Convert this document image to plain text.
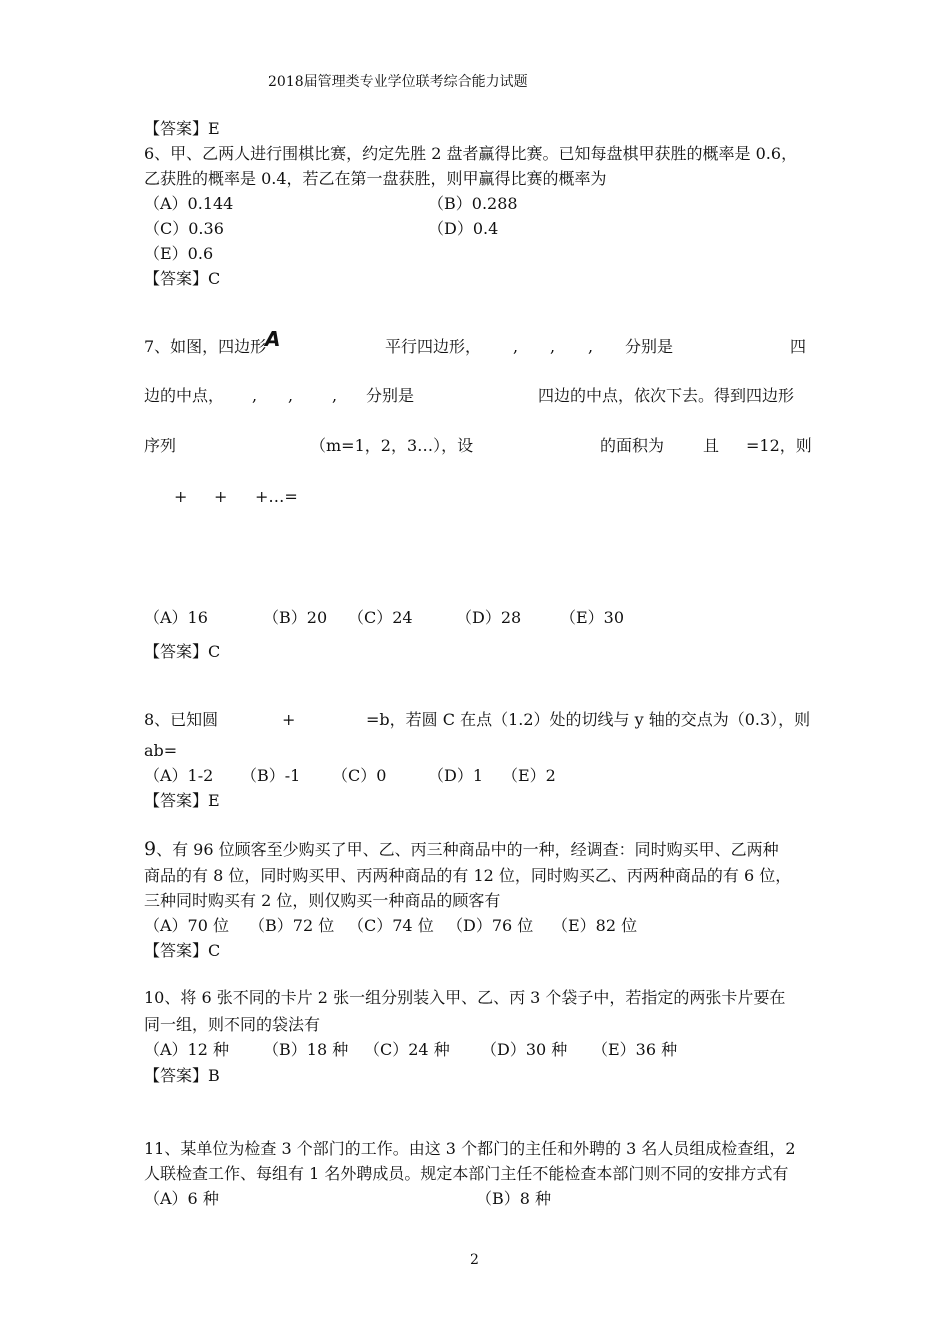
2018届管理类专业学位联考综合能力试题
【答案】E
6、甲、乙两人进行围棋比赛，约定先胜 2 盘者赢得比赛。已知每盘棋甲获胜的概率是 0.6，
乙获胜的概率是 0.4，若乙在第一盘获胜，则甲赢得比赛的概率为
（A）0.144	（B）0.288
（C）0.36	（D）0.4
（E）0.6
【答案】C
7、如图，四边形
A	平行四边形， , , , 分别是	四
边的中点， , , , 分别是	四边的中点，依次下去。得到四边形
序列	（m=1，2，3…），设	的面积为 且 =12，则
+ + +…=
（A）16	（B）20 （C）24	（D）28 （E）30
【答案】C
8、已知圆	+	=b，若圆 C 在点（1.2）处的切线与 y 轴的交点为（0.3），则
ab=
（A）1-2 （B）-1 （C）0	（D）1 （E）2
【答案】E
9、有 96 位顾客至少购买了甲、乙、丙三种商品中的一种，经调查：同时购买甲、乙两种
商品的有 8 位，同时购买甲、丙两种商品的有 12 位，同时购买乙、丙两种商品的有 6 位，
三种同时购买有 2 位，则仅购买一种商品的顾客有
（A）70 位 （B）72 位 （C）74 位 （D）76 位 （E）82 位
【答案】C
10、将 6 张不同的卡片 2 张一组分别装入甲、乙、丙 3 个袋子中，若指定的两张卡片要在
同一组，则不同的袋法有
（A）12 种 （B）18 种 （C）24 种 （D）30 种 （E）36 种
【答案】B
11、某单位为检查 3 个部门的工作。由这 3 个都门的主任和外聘的 3 名人员组成检查组，2
人联检查工作、每组有 1 名外聘成员。规定本部门主任不能检查本部门则不同的安排方式有
（A）6 种	（B）8 种
2
